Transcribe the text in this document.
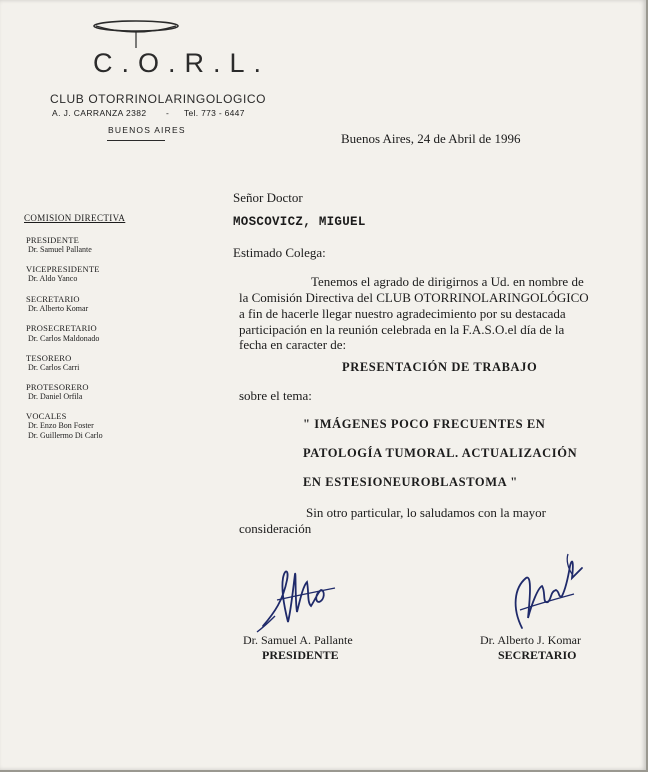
C.O.R.L.
CLUB OTORRINOLARINGOLOGICO
A. J. CARRANZA 2382 - Tel. 773 - 6447
BUENOS AIRES
Buenos Aires, 24 de Abril de 1996
COMISION DIRECTIVA
PRESIDENTE
Dr. Samuel Pallante
VICEPRESIDENTE
Dr. Aldo Yanco
SECRETARIO
Dr. Alberto Komar
PROSECRETARIO
Dr. Carlos Maldonado
TESORERO
Dr. Carlos Carri
PROTESORERO
Dr. Daniel Orfila
VOCALES
Dr. Enzo Bon Foster
Dr. Guillermo Di Carlo
Señor Doctor
MOSCOVICZ, MIGUEL
Estimado Colega:
Tenemos el agrado de dirigirnos a Ud. en nombre de
la Comisión Directiva del CLUB OTORRINOLARINGOLÓGICO
a fin de hacerle llegar nuestro agradecimiento por su destacada
participación en la reunión celebrada en la F.A.S.O.el día de la
fecha en caracter de:
PRESENTACIÓN DE TRABAJO
sobre el tema:
" IMÁGENES POCO FRECUENTES EN
PATOLOGÍA TUMORAL. ACTUALIZACIÓN
EN ESTESIONEUROBLASTOMA "
Sin otro particular, lo saludamos con la mayor
consideración
Dr. Samuel A. Pallante
PRESIDENTE
Dr. Alberto J. Komar
SECRETARIO
